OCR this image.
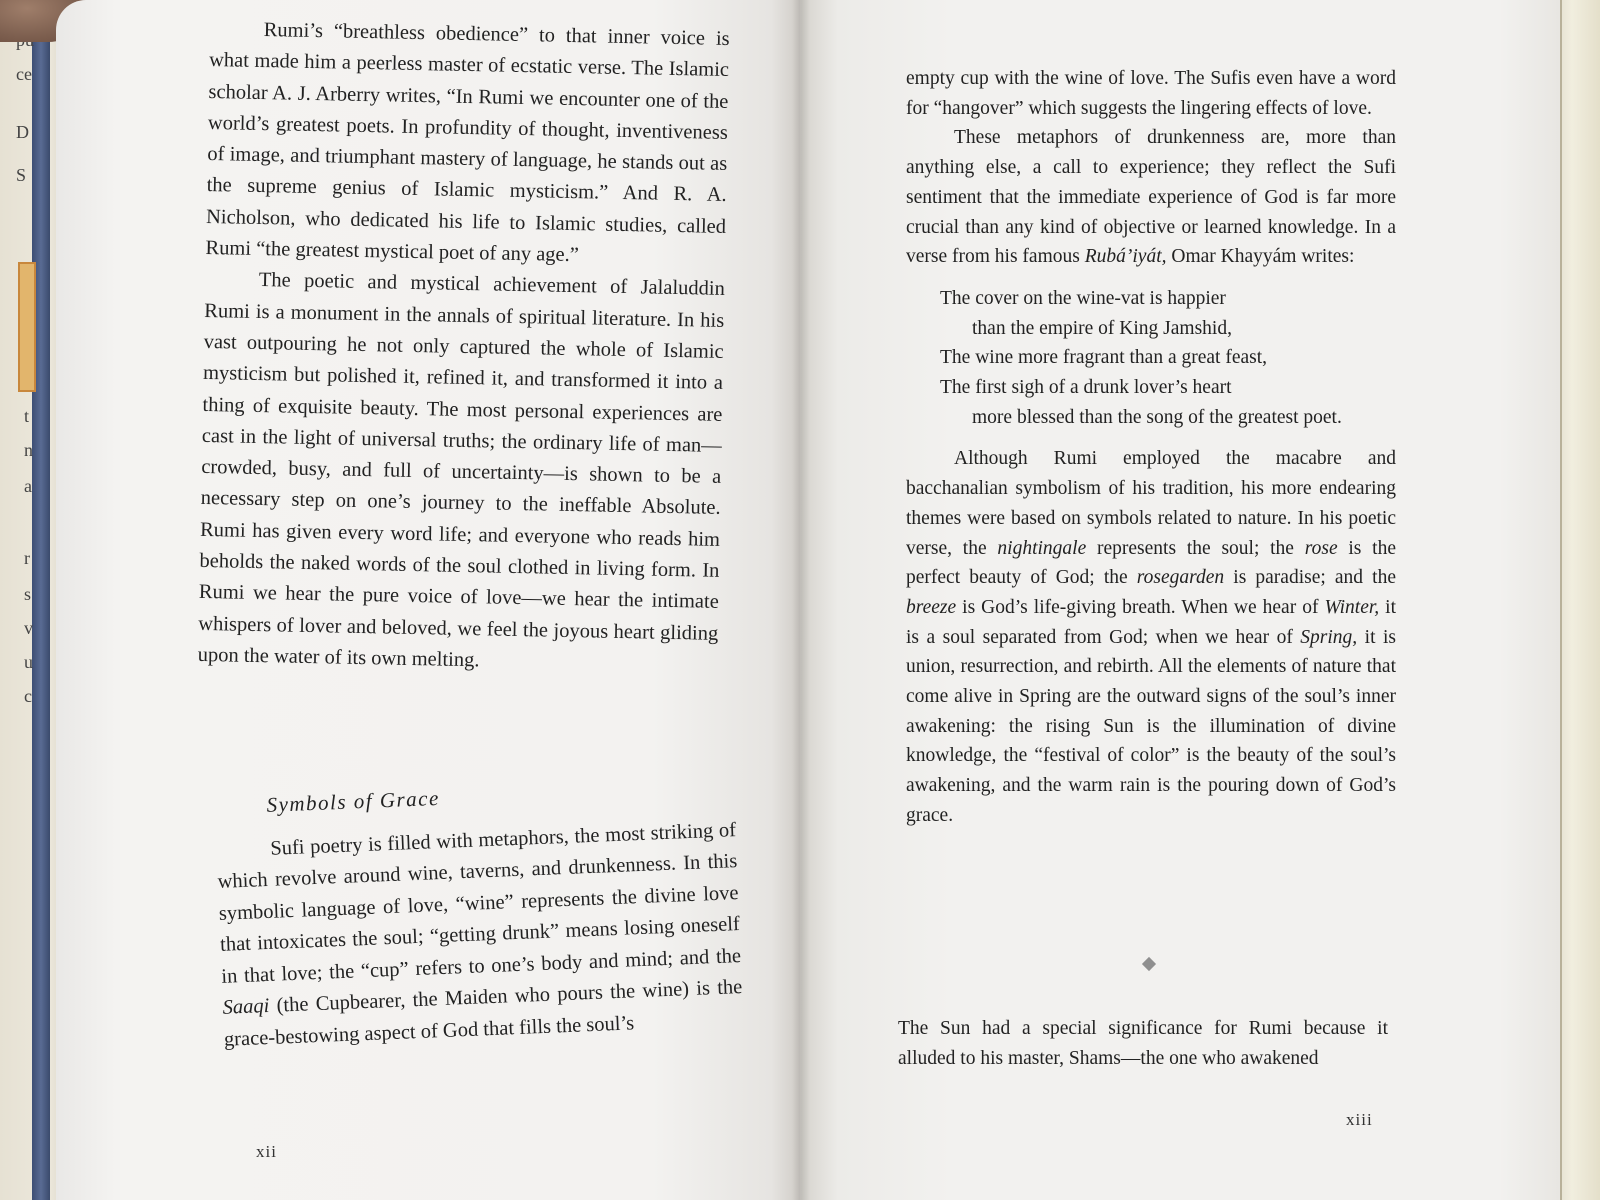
ce
D
S
t
n
a
r
s
v
u
c

Rumi’s “breathless obedience” to that inner voice is what made him a peerless master of ecstatic verse. The Islamic scholar A. J. Arberry writes, “In Rumi we encounter one of the world’s greatest poets. In profundity of thought, inventiveness of image, and triumphant mastery of language, he stands out as the supreme genius of Islamic mysticism.” And R. A. Nicholson, who dedicated his life to Islamic studies, called Rumi “the greatest mystical poet of any age.”

The poetic and mystical achievement of Jalaluddin Rumi is a monument in the annals of spiritual literature. In his vast outpouring he not only captured the whole of Islamic mysticism but polished it, refined it, and transformed it into a thing of exquisite beauty. The most personal experiences are cast in the light of universal truths; the ordinary life of man—crowded, busy, and full of uncertainty—is shown to be a necessary step on one’s journey to the ineffable Absolute. Rumi has given every word life; and everyone who reads him beholds the naked words of the soul clothed in living form. In Rumi we hear the pure voice of love—we hear the intimate whispers of lover and beloved, we feel the joyous heart gliding upon the water of its own melting.

Symbols of Grace

Sufi poetry is filled with metaphors, the most striking of which revolve around wine, taverns, and drunkenness. In this symbolic language of love, “wine” represents the divine love that intoxicates the soul; “getting drunk” means losing oneself in that love; the “cup” refers to one’s body and mind; and the Saaqi (the Cupbearer, the Maiden who pours the wine) is the grace-bestowing aspect of God that fills the soul’s

xii

empty cup with the wine of love. The Sufis even have a word for “hangover” which suggests the lingering effects of love.

These metaphors of drunkenness are, more than anything else, a call to experience; they reflect the Sufi sentiment that the immediate experience of God is far more crucial than any kind of objective or learned knowledge. In a verse from his famous Rubá’iyát, Omar Khayyám writes:

The cover on the wine-vat is happier

than the empire of King Jamshid,

The wine more fragrant than a great feast,

The first sigh of a drunk lover’s heart

more blessed than the song of the greatest poet.

Although Rumi employed the macabre and bacchanalian symbolism of his tradition, his more endearing themes were based on symbols related to nature. In his poetic verse, the nightingale represents the soul; the rose is the perfect beauty of God; the rosegarden is paradise; and the breeze is God’s life-giving breath. When we hear of Winter, it is a soul separated from God; when we hear of Spring, it is union, resurrection, and rebirth. All the elements of nature that come alive in Spring are the outward signs of the soul’s inner awakening: the rising Sun is the illumination of divine knowledge, the “festival of color” is the beauty of the soul’s awakening, and the warm rain is the pouring down of God’s grace.

The Sun had a special significance for Rumi because it alluded to his master, Shams—the one who awakened

xiii
